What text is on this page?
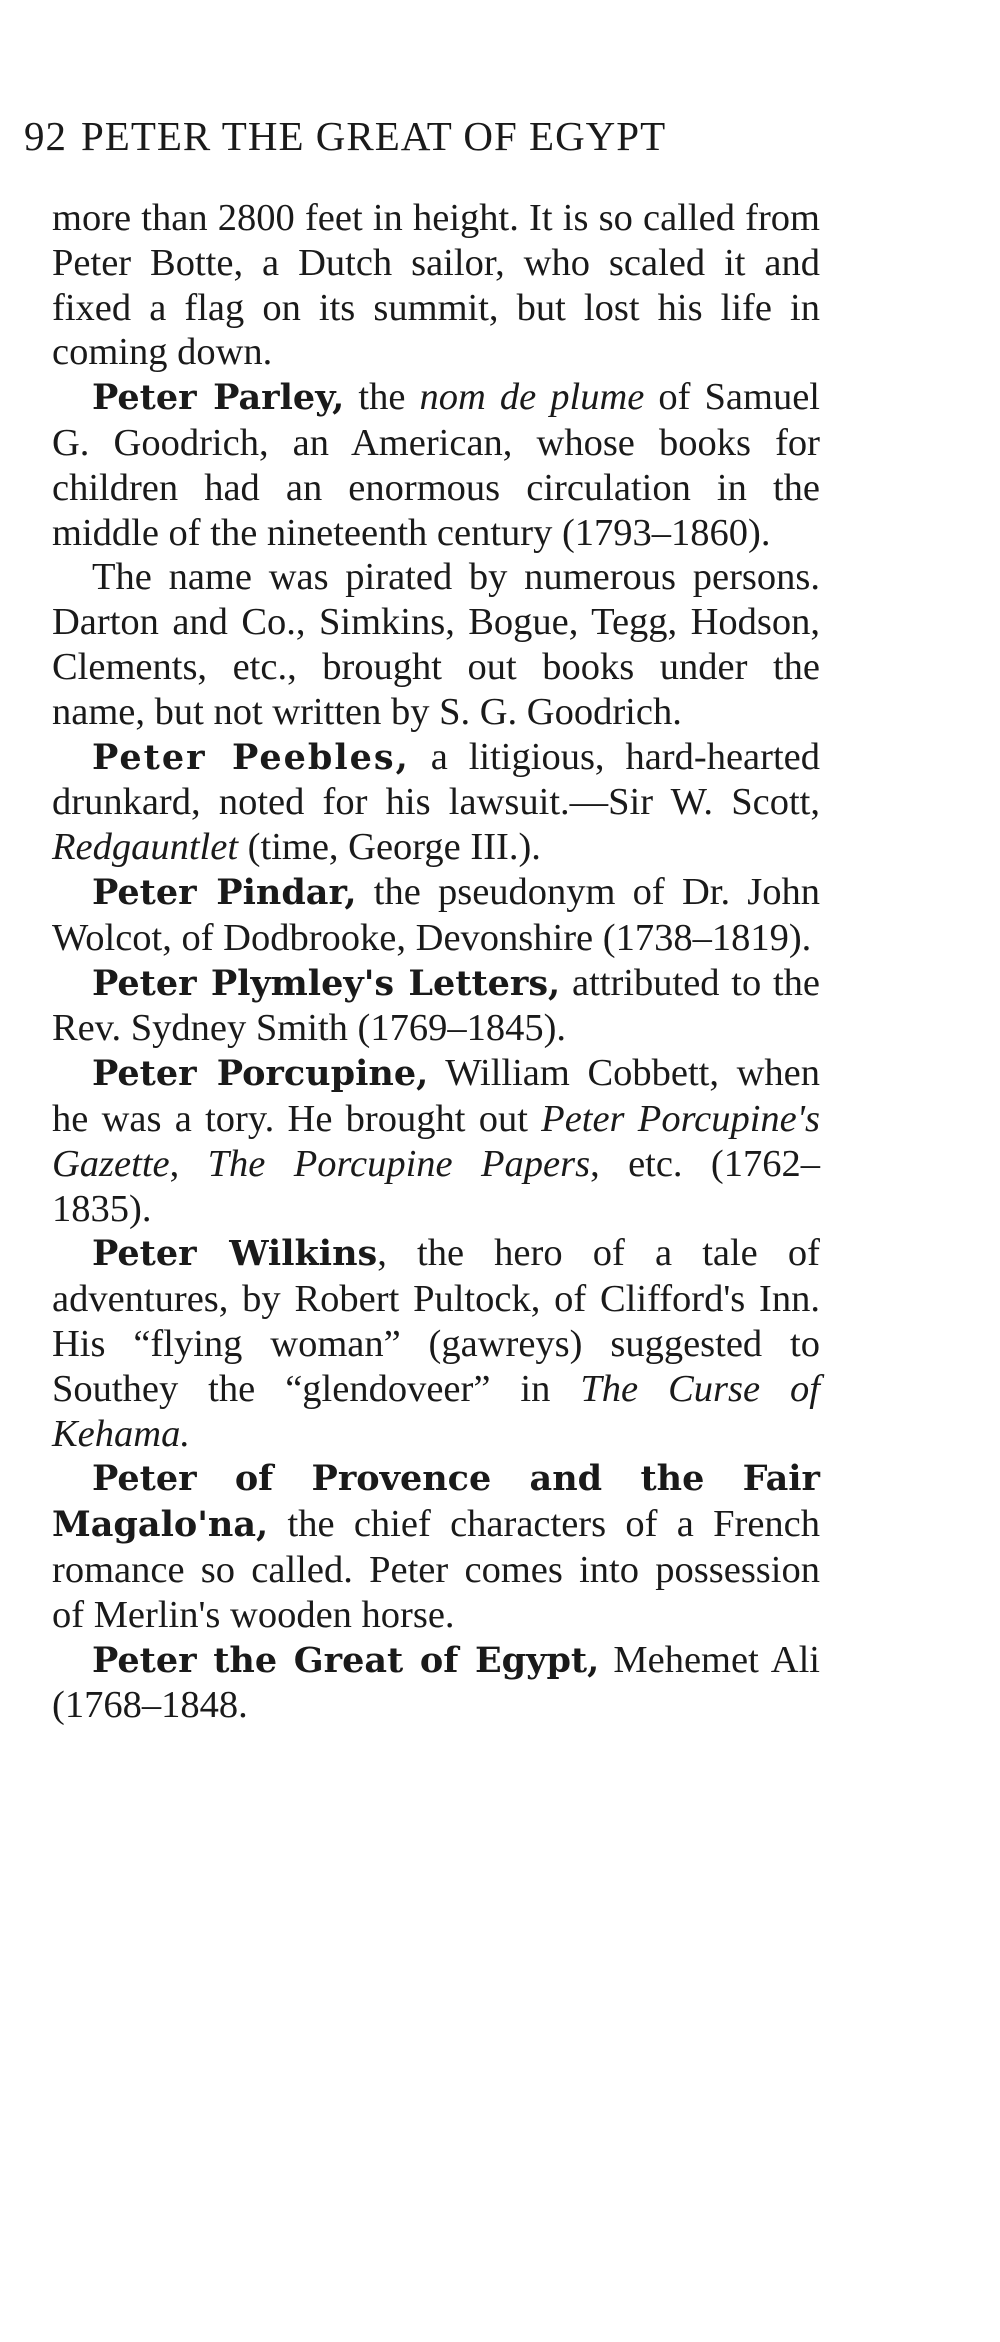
92 PETER THE GREAT OF EGYPT

more than 2800 feet in height. It is so called from Peter Botte, a Dutch sailor, who scaled it and fixed a flag on its summit, but lost his life in coming down.

Peter Parley, the nom de plume of Samuel G. Goodrich, an American, whose books for children had an enormous circulation in the middle of the nineteenth century (1793–1860).

The name was pirated by numerous persons. Darton and Co., Simkins, Bogue, Tegg, Hodson, Clements, etc., brought out books under the name, but not written by S. G. Goodrich.

Peter Peebles, a litigious, hard-hearted drunkard, noted for his lawsuit.—Sir W. Scott, Redgauntlet (time, George III.).

Peter Pindar, the pseudonym of Dr. John Wolcot, of Dodbrooke, Devonshire (1738–1819).

Peter Plymley's Letters, attributed to the Rev. Sydney Smith (1769–1845).

Peter Porcupine, William Cobbett, when he was a tory. He brought out Peter Porcupine's Gazette, The Porcupine Papers, etc. (1762–1835).

Peter Wilkins, the hero of a tale of adventures, by Robert Pultock, of Clifford's Inn. His “flying woman” (gawreys) suggested to Southey the “glendoveer” in The Curse of Kehama.

Peter of Provence and the Fair Magalo'na, the chief characters of a French romance so called. Peter comes into possession of Merlin's wooden horse.

Peter the Great of Egypt, Mehemet Ali (1768–1848.
